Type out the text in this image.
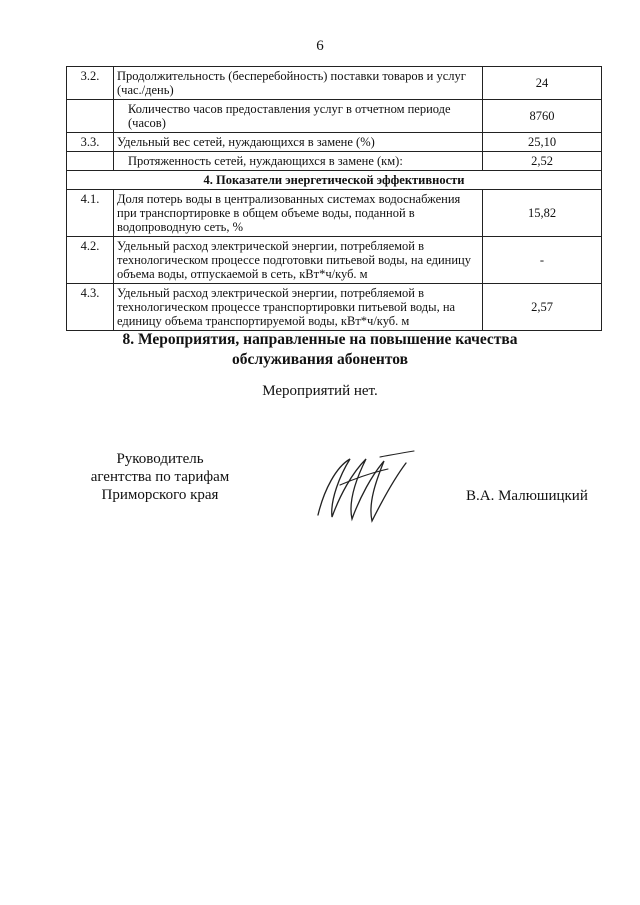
6
3.2.	Продолжительность (бесперебойность) поставки товаров и услуг (час./день)	24
	Количество часов предоставления услуг в отчетном периоде (часов)	8760
3.3.	Удельный вес сетей, нуждающихся в замене (%)	25,10
	Протяженность сетей, нуждающихся в замене (км):	2,52
4. Показатели энергетической эффективности		
4.1.	Доля потерь воды в централизованных системах водоснабжения при транспортировке в общем объеме воды, поданной в водопроводную сеть, %	15,82
4.2.	Удельный расход электрической энергии, потребляемой в технологическом процессе подготовки питьевой воды, на единицу объема воды, отпускаемой в сеть, кВт*ч/куб. м	-
4.3.	Удельный расход электрической энергии, потребляемой в технологическом процессе транспортировки питьевой воды, на единицу объема транспортируемой воды, кВт*ч/куб. м	2,57
8. Мероприятия, направленные на повышение качества
обслуживания абонентов
Мероприятий нет.
Руководитель
агентства по тарифам
Приморского края	В.А. Малюшицкий
